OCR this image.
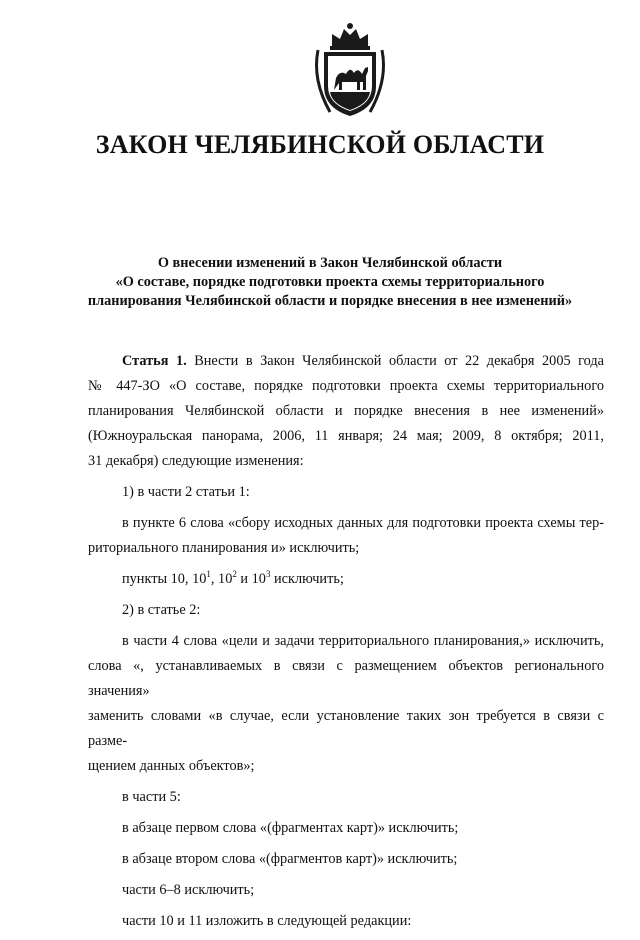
ЗАКОН ЧЕЛЯБИНСКОЙ ОБЛАСТИ
О внесении изменений в Закон Челябинской области
«О составе, порядке подготовки проекта схемы территориального
планирования Челябинской области и порядке внесения в нее изменений»
Статья 1. Внести в Закон Челябинской области от 22 декабря 2005 года
№ 447-ЗО «О составе, порядке подготовки проекта схемы территориального
планирования Челябинской области и порядке внесения в нее изменений»
(Южноуральская панорама, 2006, 11 января; 24 мая; 2009, 8 октября; 2011,
31 декабря) следующие изменения:
1) в части 2 статьи 1:
в пункте 6 слова «сбору исходных данных для подготовки проекта схемы тер-
риториального планирования и» исключить;
пункты 10, $10^1$, $10^2$ и $10^3$ исключить;
2) в статье 2:
в части 4 слова «цели и задачи территориального планирования,» исключить,
слова «, устанавливаемых в связи с размещением объектов регионального значения»
заменить словами «в случае, если установление таких зон требуется в связи с разме-
щением данных объектов»;
в части 5:
в абзаце первом слова «(фрагментах карт)» исключить;
в абзаце втором слова «(фрагментов карт)» исключить;
части 6–8 исключить;
части 10 и 11 изложить в следующей редакции:
